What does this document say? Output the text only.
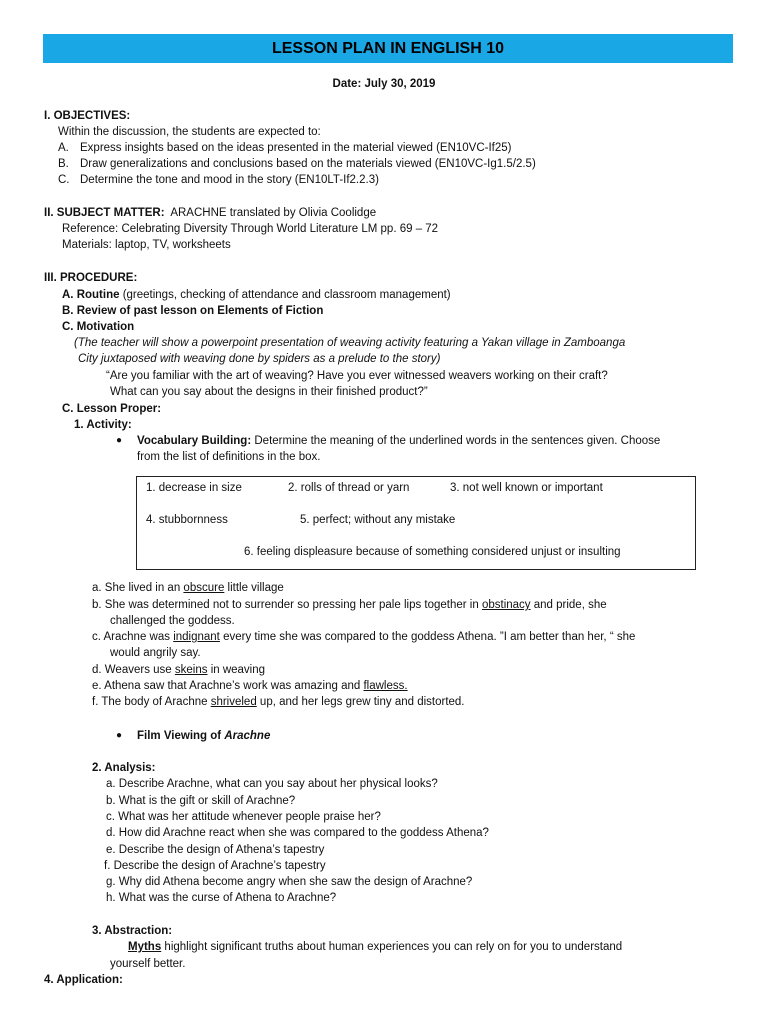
LESSON PLAN IN ENGLISH 10
Date: July 30, 2019
I. OBJECTIVES:
Within the discussion, the students are expected to:
A. Express insights based on the ideas presented in the material viewed (EN10VC-If25)
B. Draw generalizations and conclusions based on the materials viewed (EN10VC-Ig1.5/2.5)
C. Determine the tone and mood in the story (EN10LT-If2.2.3)
II. SUBJECT MATTER: ARACHNE translated by Olivia Coolidge
Reference: Celebrating Diversity Through World Literature LM pp. 69 – 72
Materials: laptop, TV, worksheets
III. PROCEDURE:
A. Routine (greetings, checking of attendance and classroom management)
B. Review of past lesson on Elements of Fiction
C. Motivation
(The teacher will show a powerpoint presentation of weaving activity featuring a Yakan village in Zamboanga
City juxtaposed with weaving done by spiders as a prelude to the story)
“Are you familiar with the art of weaving? Have you ever witnessed weavers working on their craft?
What can you say about the designs in their finished product?”
C. Lesson Proper:
1. Activity:
● Vocabulary Building: Determine the meaning of the underlined words in the sentences given. Choose
from the list of definitions in the box.
1. decrease in size	2. rolls of thread or yarn	3. not well known or important
4. stubbornness	5. perfect; without any mistake
6. feeling displeasure because of something considered unjust or insulting
a. She lived in an obscure little village
b. She was determined not to surrender so pressing her pale lips together in obstinacy and pride, she
challenged the goddess.
c. Arachne was indignant every time she was compared to the goddess Athena. ”I am better than her, “ she
would angrily say.
d. Weavers use skeins in weaving
e. Athena saw that Arachne’s work was amazing and flawless.
f. The body of Arachne shriveled up, and her legs grew tiny and distorted.
● Film Viewing of Arachne
2. Analysis:
a. Describe Arachne, what can you say about her physical looks?
b. What is the gift or skill of Arachne?
c. What was her attitude whenever people praise her?
d. How did Arachne react when she was compared to the goddess Athena?
e. Describe the design of Athena’s tapestry
f. Describe the design of Arachne’s tapestry
g. Why did Athena become angry when she saw the design of Arachne?
h. What was the curse of Athena to Arachne?
3. Abstraction:
Myths highlight significant truths about human experiences you can rely on for you to understand
yourself better.
4. Application:
